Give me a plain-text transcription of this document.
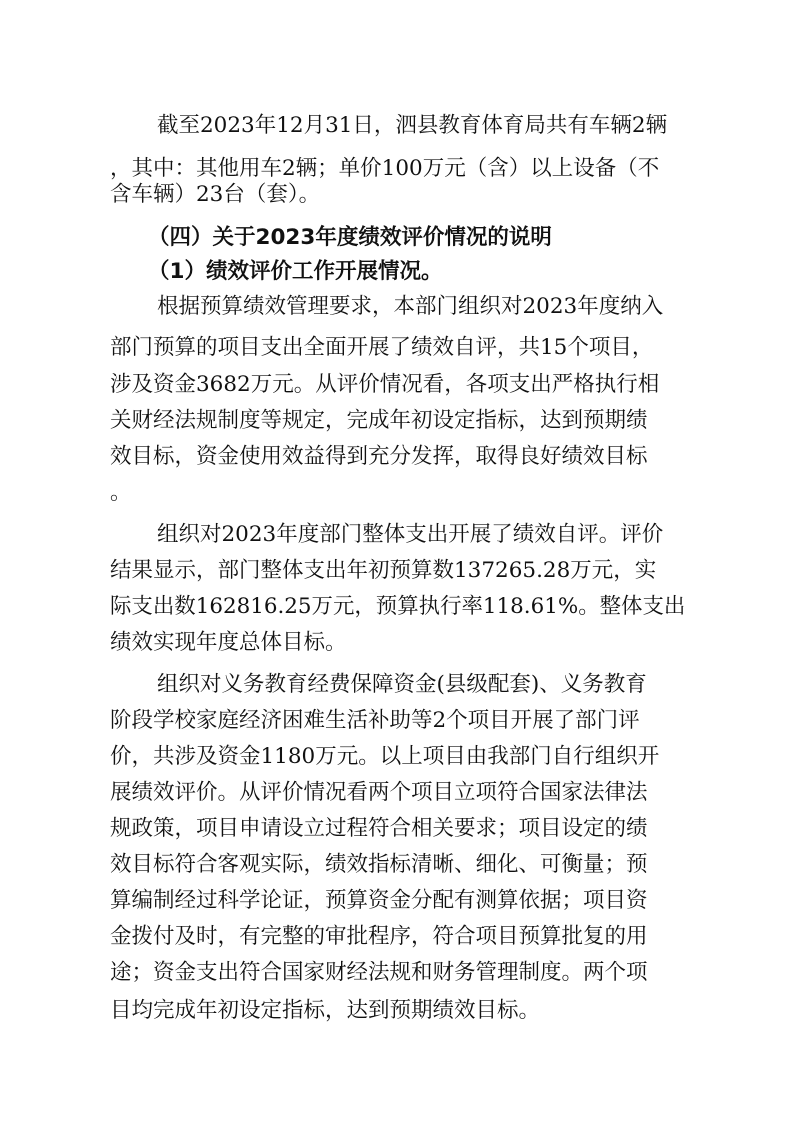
截至2023年12月31日，泗县教育体育局共有车辆2辆
，其中：其他用车2辆；单价100万元（含）以上设备（不
含车辆）23台（套）。
（四）关于2023年度绩效评价情况的说明
（1）绩效评价工作开展情况。
根据预算绩效管理要求，本部门组织对2023年度纳入
部门预算的项目支出全面开展了绩效自评，共15个项目，
涉及资金3682万元。从评价情况看，各项支出严格执行相
关财经法规制度等规定，完成年初设定指标，达到预期绩
效目标，资金使用效益得到充分发挥，取得良好绩效目标
。
组织对2023年度部门整体支出开展了绩效自评。评价
结果显示，部门整体支出年初预算数137265.28万元，实
际支出数162816.25万元，预算执行率118.61%。整体支出
绩效实现年度总体目标。
组织对义务教育经费保障资金(县级配套)、义务教育
阶段学校家庭经济困难生活补助等2个项目开展了部门评
价，共涉及资金1180万元。以上项目由我部门自行组织开
展绩效评价。从评价情况看两个项目立项符合国家法律法
规政策，项目申请设立过程符合相关要求；项目设定的绩
效目标符合客观实际，绩效指标清晰、细化、可衡量；预
算编制经过科学论证，预算资金分配有测算依据；项目资
金拨付及时，有完整的审批程序，符合项目预算批复的用
途；资金支出符合国家财经法规和财务管理制度。两个项
目均完成年初设定指标，达到预期绩效目标。
